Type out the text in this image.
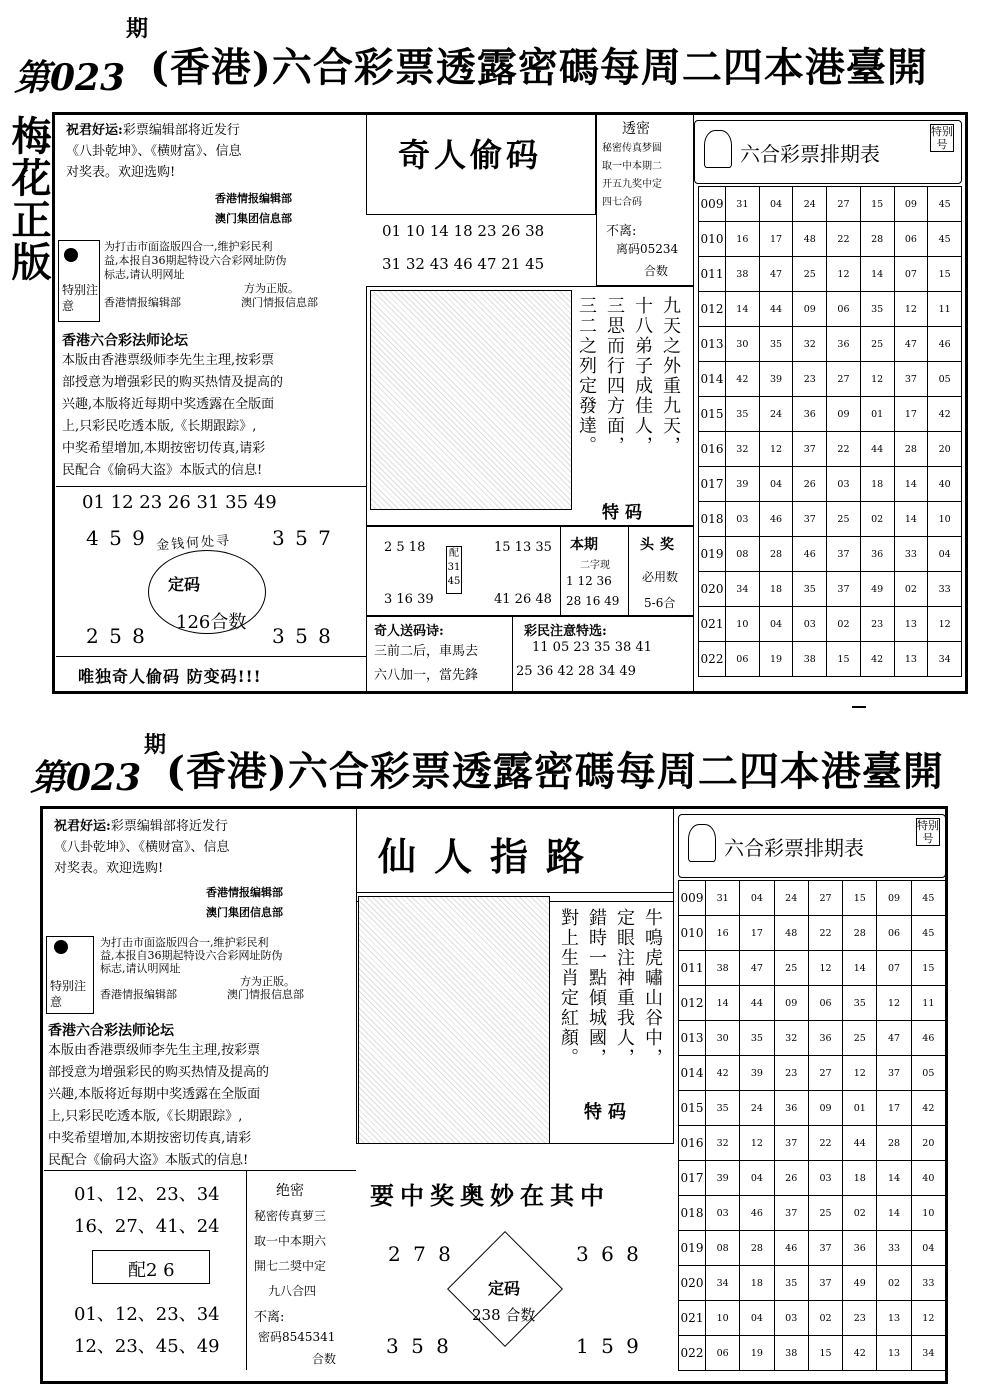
第023
期
(香港)六合彩票透露密碼每周二四本港臺開
梅花正版 祝君好运:彩票编辑部将近发行
《八卦乾坤》、《横财富》、信息
对奖表。欢迎选购!
香港情报编辑部
澳门集团信息部
特别注意
为打击市面盗版四合一,维护彩民利
益,本报自36期起特设六合彩网址防伪
标志,请认明网址
方为正版。
香港情报编辑部	澳门情报信息部
香港六合彩法师论坛
本版由香港票级师李先生主理,按彩票
部授意为增强彩民的购买热情及提高的
兴趣,本版将近每期中奖透露在全版面
上,只彩民吃透本版,《长期跟踪》,
中奖希望增加,本期按密切传真,请彩
民配合《偷码大盗》本版式的信息!
01 12 23 26 31 35 49
4 5 9	3 5 7
金钱何处寻
定码
126合数
2 5 8	3 5 8
唯独奇人偷码 防变码!!!
奇人偷码
01 10 14 18 23 26 38
31 32 43 46 47 21 45
透密
秘密传真梦圆
取一中本期二
开五九奖中定
四七合码
不离:
离码05234
合数
三二之列定發達。 三思而行四方面， 十八弟子成佳人， 九天之外重九天，
特码
2 5 18
3 16 39
配
31
45
15 13 35
41 26 48
本期
二字现
1 12 36
28 16 49
头奖
必用数
5-6合
奇人送码诗:
三前二后，車馬去
六八加一，當先鋒
彩民注意特选:
11 05 23 35 38 41
25 36 42 28 34 49
六合彩票排期表
特别号
009	31	04	24	27	15	09	45
010	16	17	48	22	28	06	45
011	38	47	25	12	14	07	15
012	14	44	09	06	35	12	11
013	30	35	32	36	25	47	46
014	42	39	23	27	12	37	05
015	35	24	36	09	01	17	42
016	32	12	37	22	44	28	20
017	39	04	26	03	18	14	40
018	03	46	37	25	02	14	10
019	08	28	46	37	36	33	04
020	34	18	35	37	49	02	33
021	10	04	03	02	23	13	12
022	06	19	38	15	42	13	34
第023
期
(香港)六合彩票透露密碼每周二四本港臺開
祝君好运:彩票编辑部将近发行
《八卦乾坤》、《横财富》、信息
对奖表。欢迎选购!
香港情报编辑部
澳门集团信息部
特别注意
为打击市面盗版四合一,维护彩民利
益,本报自36期起特设六合彩网址防伪
标志,请认明网址
方为正版。
香港情报编辑部	澳门情报信息部
香港六合彩法师论坛
本版由香港票级师李先生主理,按彩票
部授意为增强彩民的购买热情及提高的
兴趣,本版将近每期中奖透露在全版面
上,只彩民吃透本版,《长期跟踪》,
中奖希望增加,本期按密切传真,请彩
民配合《偷码大盗》本版式的信息!
01、12、23、34
16、27、41、24
配2 6
01、12、23、34
12、23、45、49
绝密
秘密传真萝三
取一中本期六
開七二奨中定
九八合四
不离:
密码8545341
合数
仙人指路
對上生肖定紅顏。 錯時一點傾城國， 定眼注神重我人， 牛鳴虎嘯山谷中，
特码
要中奖奥妙在其中
2 7 8	3 6 8
定码
238 合数
3 5 8	1 5 9
六合彩票排期表
特别号
009	31	04	24	27	15	09	45
010	16	17	48	22	28	06	45
011	38	47	25	12	14	07	15
012	14	44	09	06	35	12	11
013	30	35	32	36	25	47	46
014	42	39	23	27	12	37	05
015	35	24	36	09	01	17	42
016	32	12	37	22	44	28	20
017	39	04	26	03	18	14	40
018	03	46	37	25	02	14	10
019	08	28	46	37	36	33	04
020	34	18	35	37	49	02	33
021	10	04	03	02	23	13	12
022	06	19	38	15	42	13	34
